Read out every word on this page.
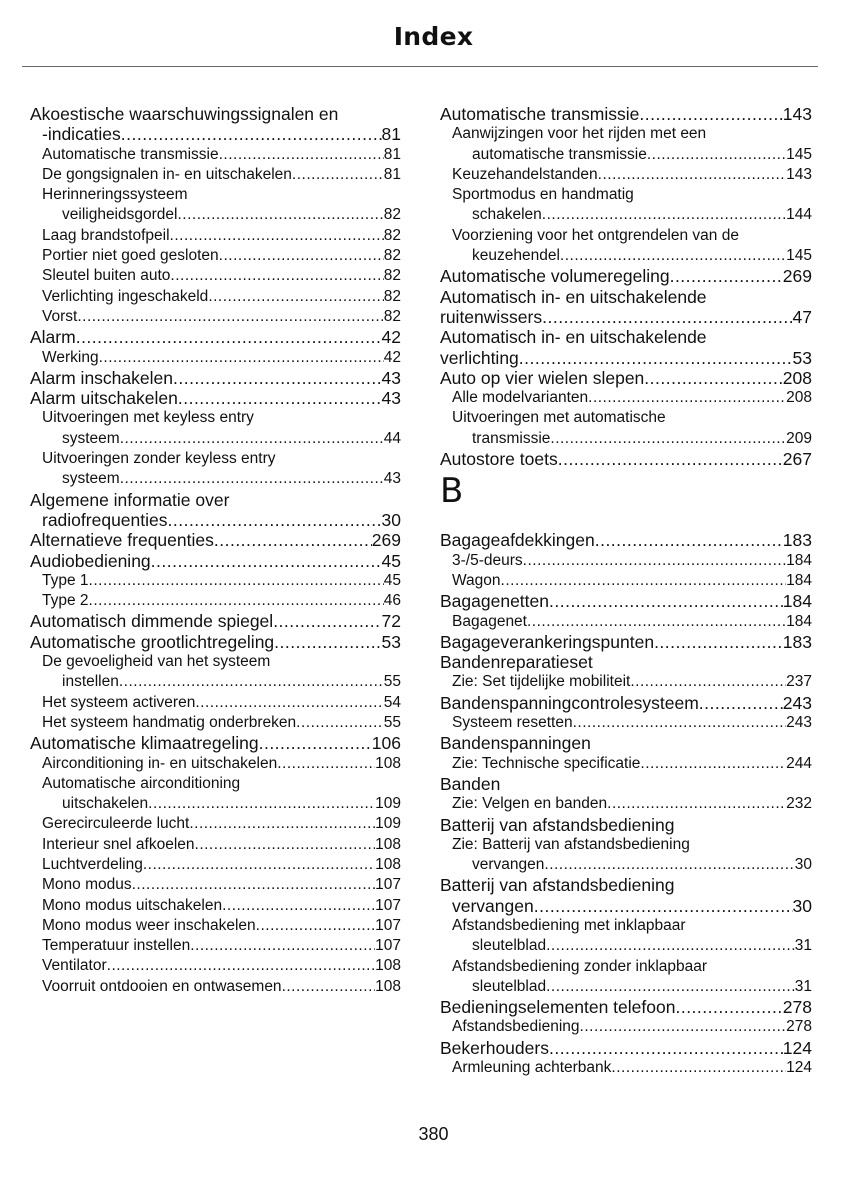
Index
Akoestische waarschuwingssignalen en
-indicaties .....	81
Automatische transmissie .....	81
De gongsignalen in- en uitschakelen .....	81
Herinneringssysteem
veiligheidsgordel .....	82
Laag brandstofpeil .....	82
Portier niet goed gesloten .....	82
Sleutel buiten auto .....	82
Verlichting ingeschakeld .....	82
Vorst .....	82
Alarm .....	42
Werking .....	42
Alarm inschakelen .....	43
Alarm uitschakelen .....	43
Uitvoeringen met keyless entry
systeem .....	44
Uitvoeringen zonder keyless entry
systeem .....	43
Algemene informatie over
radiofrequenties .....	30
Alternatieve frequenties .....	269
Audiobediening .....	45
Type 1 .....	45
Type 2 .....	46
Automatisch dimmende spiegel .....	72
Automatische grootlichtregeling .....	53
De gevoeligheid van het systeem
instellen .....	55
Het systeem activeren .....	54
Het systeem handmatig onderbreken .....	55
Automatische klimaatregeling .....	106
Airconditioning in- en uitschakelen .....	108
Automatische airconditioning
uitschakelen .....	109
Gerecirculeerde lucht .....	109
Interieur snel afkoelen .....	108
Luchtverdeling .....	108
Mono modus .....	107
Mono modus uitschakelen .....	107
Mono modus weer inschakelen .....	107
Temperatuur instellen .....	107
Ventilator .....	108
Voorruit ontdooien en ontwasemen .....	108
Automatische transmissie .....	143
Aanwijzingen voor het rijden met een
automatische transmissie .....	145
Keuzehandelstanden .....	143
Sportmodus en handmatig
schakelen .....	144
Voorziening voor het ontgrendelen van de
keuzehendel .....	145
Automatische volumeregeling .....	269
Automatisch in- en uitschakelende
ruitenwissers .....	47
Automatisch in- en uitschakelende
verlichting .....	53
Auto op vier wielen slepen .....	208
Alle modelvarianten .....	208
Uitvoeringen met automatische
transmissie .....	209
Autostore toets .....	267
B
Bagageafdekkingen .....	183
3-/5-deurs .....	184
Wagon .....	184
Bagagenetten .....	184
Bagagenet .....	184
Bagageverankeringspunten .....	183
Bandenreparatieset
Zie: Set tijdelijke mobiliteit .....	237
Bandenspanningcontrolesysteem .....	243
Systeem resetten .....	243
Bandenspanningen
Zie: Technische specificatie .....	244
Banden
Zie: Velgen en banden .....	232
Batterij van afstandsbediening
Zie: Batterij van afstandsbediening
vervangen .....	30
Batterij van afstandsbediening
vervangen .....	30
Afstandsbediening met inklapbaar
sleutelblad .....	31
Afstandsbediening zonder inklapbaar
sleutelblad .....	31
Bedieningselementen telefoon .....	278
Afstandsbediening .....	278
Bekerhouders .....	124
Armleuning achterbank .....	124
380
